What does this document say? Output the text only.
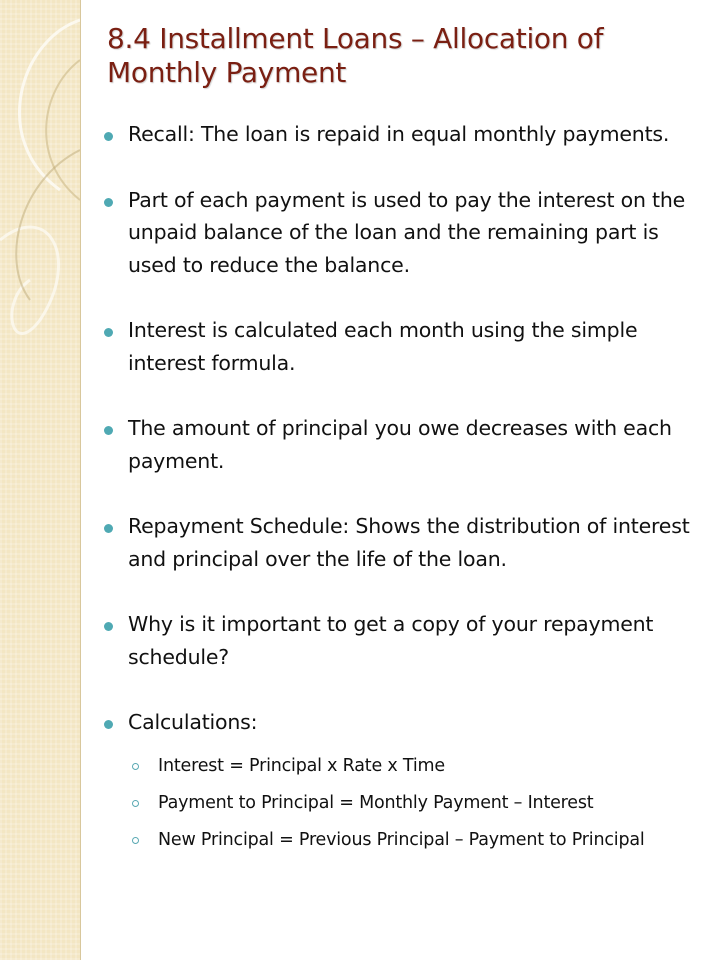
8.4 Installment Loans – Allocation of Monthly Payment
Recall: The loan is repaid in equal monthly payments.
Part of each payment is used to pay the interest on the unpaid balance of the loan and the remaining part is used to reduce the balance.
Interest is calculated each month using the simple interest formula.
The amount of principal you owe decreases with each payment.
Repayment Schedule: Shows the distribution of interest and principal over the life of the loan.
Why is it important to get a copy of your repayment schedule?
Calculations:
Interest = Principal x Rate x Time
Payment to Principal = Monthly Payment – Interest
New Principal = Previous Principal – Payment to Principal
